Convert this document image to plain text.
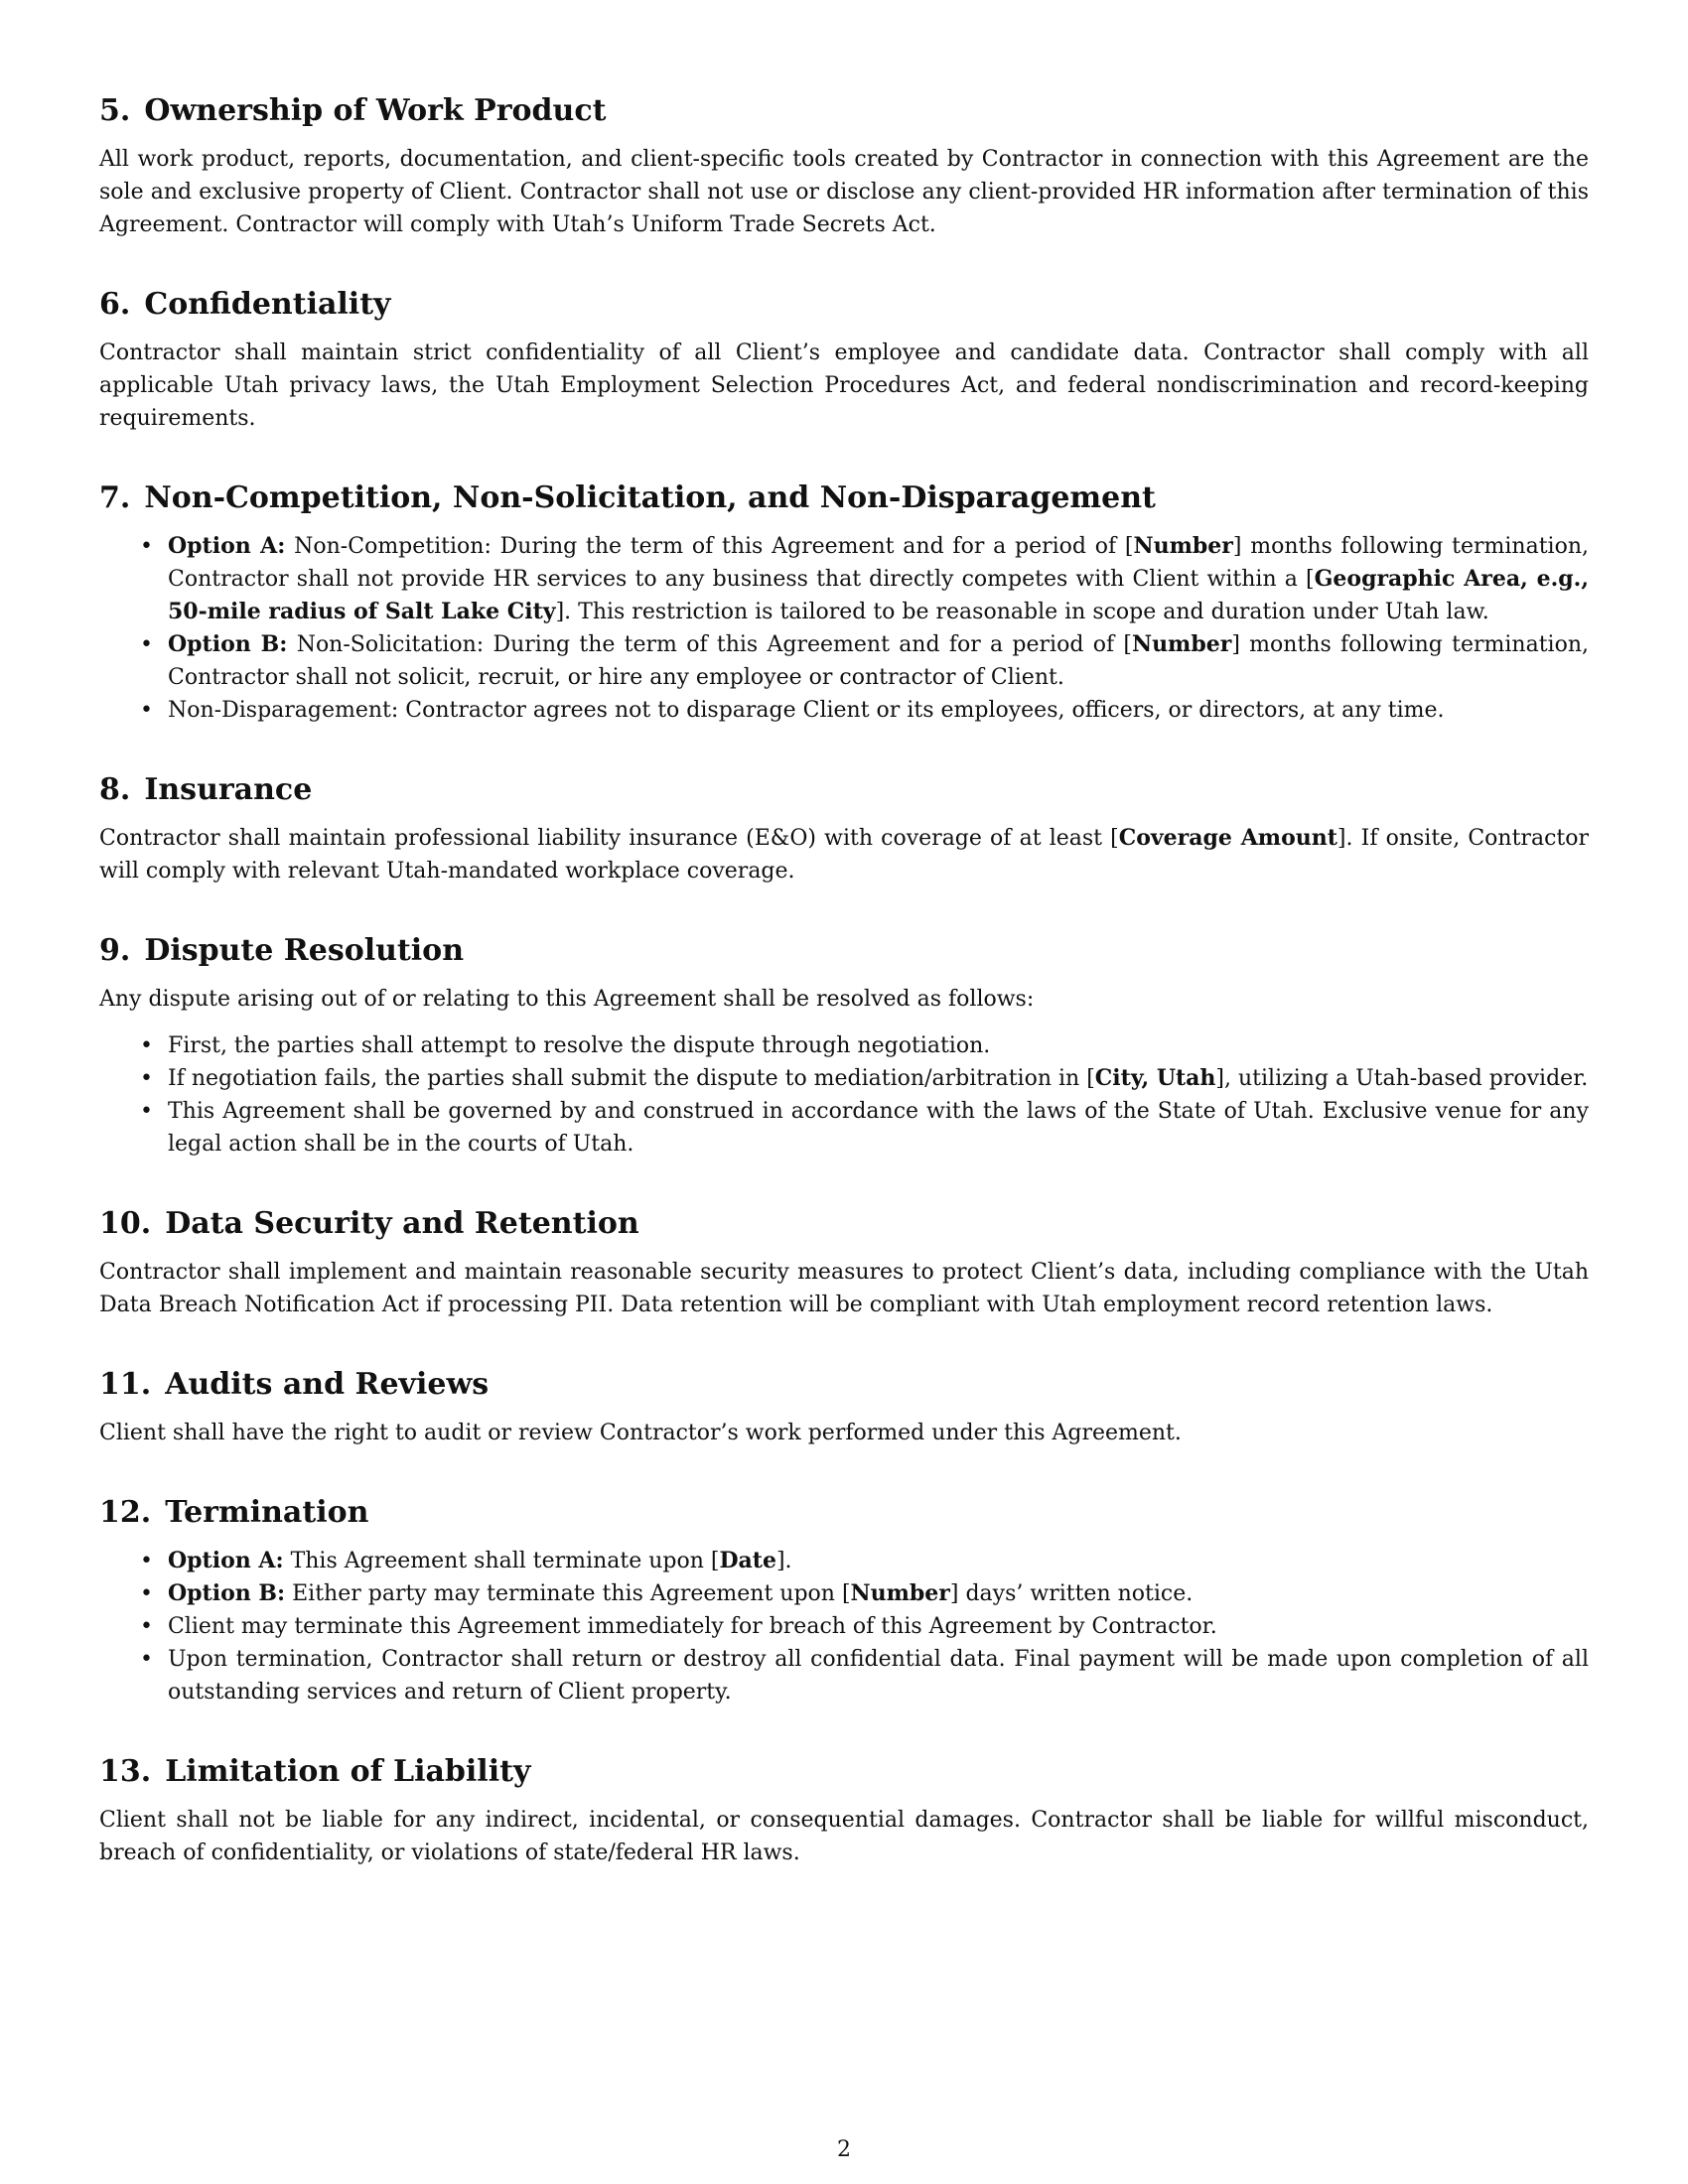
5. Ownership of Work Product

All work product, reports, documentation, and client-specific tools created by Contractor in connection with this Agreement are the sole and exclusive property of Client. Contractor shall not use or disclose any client-provided HR information after termination of this Agreement. Contractor will comply with Utah’s Uniform Trade Secrets Act.

6. Confidentiality

Contractor shall maintain strict confidentiality of all Client’s employee and candidate data. Contractor shall comply with all applicable Utah privacy laws, the Utah Employment Selection Procedures Act, and federal nondiscrimination and record-keeping requirements.

7. Non-Competition, Non-Solicitation, and Non-Disparagement
• Option A: Non-Competition: During the term of this Agreement and for a period of [Number] months following termination, Contractor shall not provide HR services to any business that directly competes with Client within a [Geographic Area, e.g., 50-mile radius of Salt Lake City]. This restriction is tailored to be reasonable in scope and duration under Utah law.
• Option B: Non-Solicitation: During the term of this Agreement and for a period of [Number] months following termination, Contractor shall not solicit, recruit, or hire any employee or contractor of Client.
• Non-Disparagement: Contractor agrees not to disparage Client or its employees, officers, or directors, at any time.
8. Insurance

Contractor shall maintain professional liability insurance (E&O) with coverage of at least [Coverage Amount]. If onsite, Contractor will comply with relevant Utah-mandated workplace coverage.

9. Dispute Resolution

Any dispute arising out of or relating to this Agreement shall be resolved as follows:

• First, the parties shall attempt to resolve the dispute through negotiation.
• If negotiation fails, the parties shall submit the dispute to mediation/arbitration in [City, Utah], utilizing a Utah-based provider.
• This Agreement shall be governed by and construed in accordance with the laws of the State of Utah. Exclusive venue for any legal action shall be in the courts of Utah.
10. Data Security and Retention

Contractor shall implement and maintain reasonable security measures to protect Client’s data, including compliance with the Utah Data Breach Notification Act if processing PII. Data retention will be compliant with Utah employment record retention laws.

11. Audits and Reviews

Client shall have the right to audit or review Contractor’s work performed under this Agreement.

12. Termination
• Option A: This Agreement shall terminate upon [Date].
• Option B: Either party may terminate this Agreement upon [Number] days’ written notice.
• Client may terminate this Agreement immediately for breach of this Agreement by Contractor.
• Upon termination, Contractor shall return or destroy all confidential data. Final payment will be made upon completion of all outstanding services and return of Client property.
13. Limitation of Liability

Client shall not be liable for any indirect, incidental, or consequential damages. Contractor shall be liable for willful misconduct, breach of confidentiality, or violations of state/federal HR laws.

2
